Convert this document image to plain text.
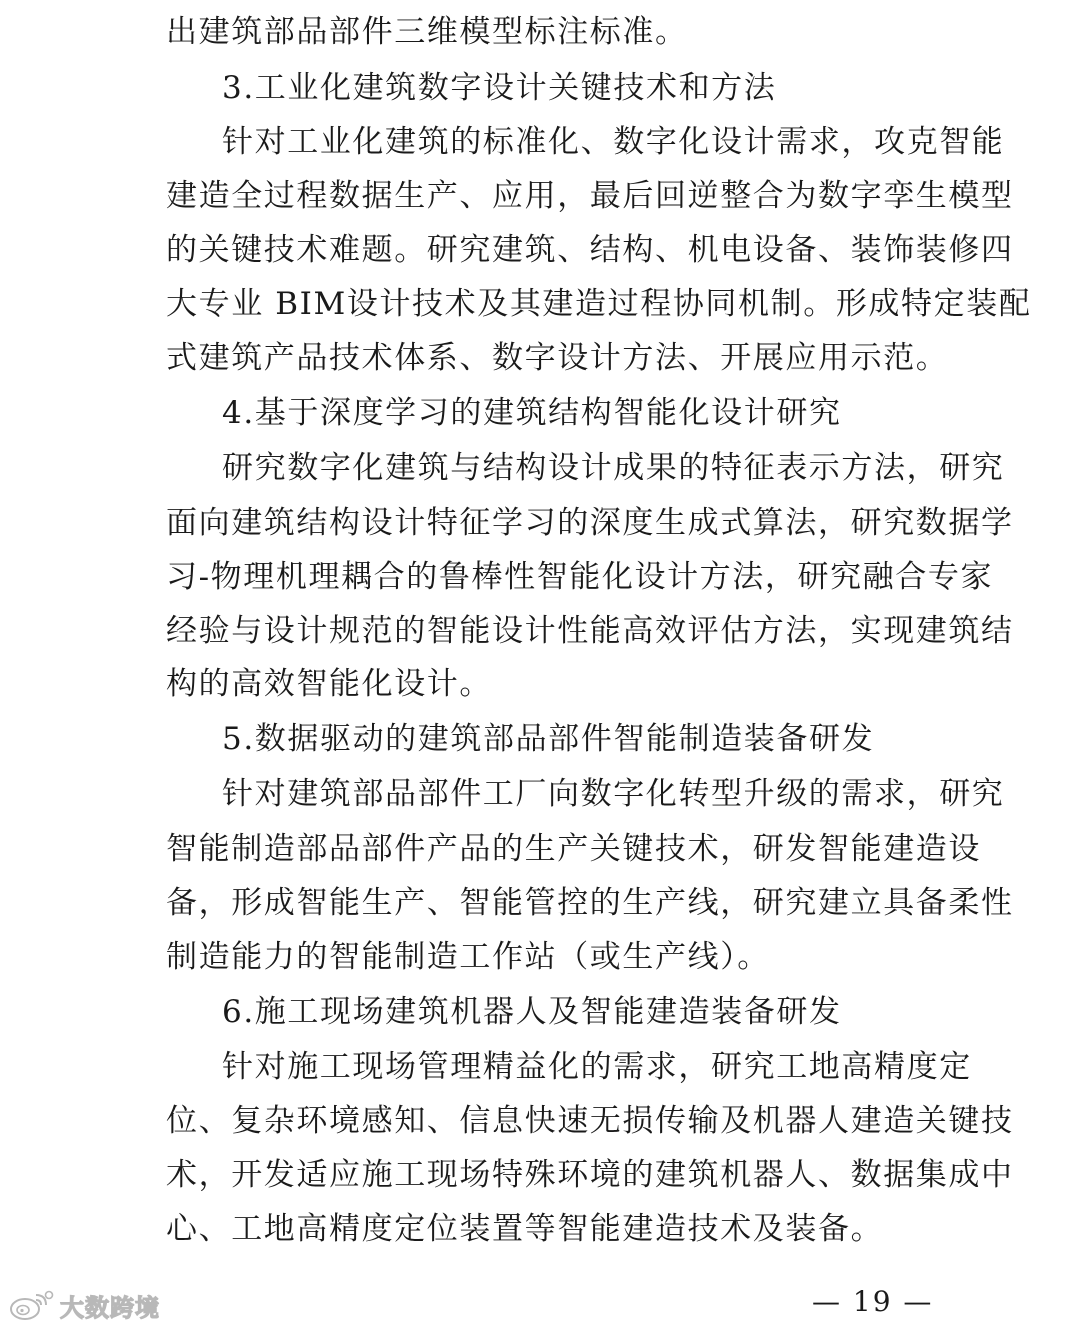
出建筑部品部件三维模型标注标准。
3.工业化建筑数字设计关键技术和方法
针对工业化建筑的标准化、数字化设计需求，攻克智能
建造全过程数据生产、应用，最后回逆整合为数字孪生模型
的关键技术难题。研究建筑、结构、机电设备、装饰装修四
大专业 BIM设计技术及其建造过程协同机制。形成特定装配
式建筑产品技术体系、数字设计方法、开展应用示范。
4.基于深度学习的建筑结构智能化设计研究
研究数字化建筑与结构设计成果的特征表示方法，研究
面向建筑结构设计特征学习的深度生成式算法，研究数据学
习-物理机理耦合的鲁棒性智能化设计方法，研究融合专家
经验与设计规范的智能设计性能高效评估方法，实现建筑结
构的高效智能化设计。
5.数据驱动的建筑部品部件智能制造装备研发
针对建筑部品部件工厂向数字化转型升级的需求，研究
智能制造部品部件产品的生产关键技术，研发智能建造设
备，形成智能生产、智能管控的生产线，研究建立具备柔性
制造能力的智能制造工作站（或生产线）。
6.施工现场建筑机器人及智能建造装备研发
针对施工现场管理精益化的需求，研究工地高精度定
位、复杂环境感知、信息快速无损传输及机器人建造关键技
术，开发适应施工现场特殊环境的建筑机器人、数据集成中
心、工地高精度定位装置等智能建造技术及装备。
大数跨境	— 19 —
